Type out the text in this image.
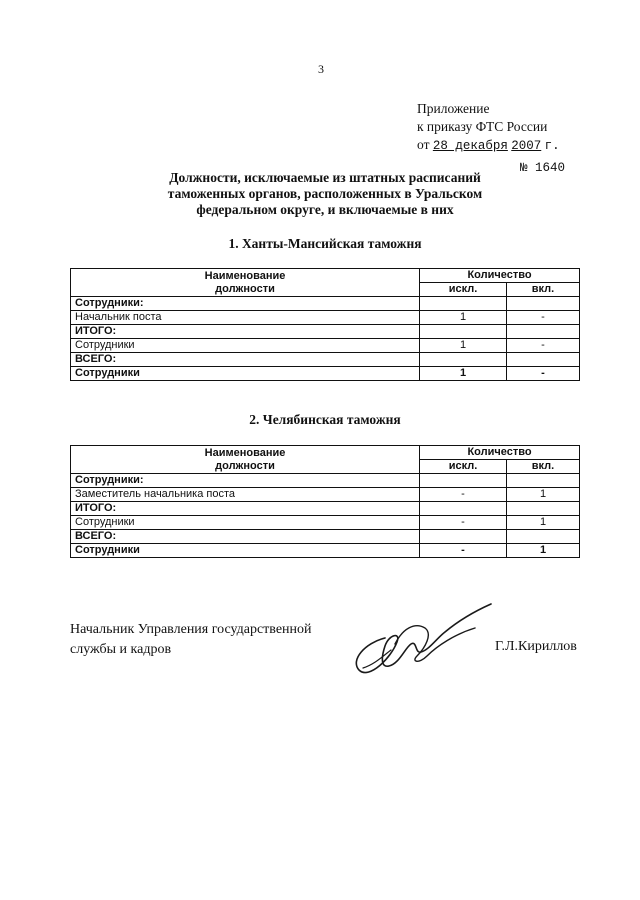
3
Приложение
к приказу ФТС России
от 28 декабря 2007 г.
№ 1640
Должности, исключаемые из штатных расписаний таможенных органов, расположенных в Уральском федеральном округе, и включаемые в них
1. Ханты-Мансийская таможня
Наименование
должности	Количество	
	искл.	вкл.
Сотрудники:		
Начальник поста	1	-
ИТОГО:		
Сотрудники	1	-
ВСЕГО:		
Сотрудники	1	-
2. Челябинская таможня
Наименование
должности	Количество	
	искл.	вкл.
Сотрудники:		
Заместитель начальника поста	-	1
ИТОГО:		
Сотрудники	-	1
ВСЕГО:		
Сотрудники	-	1
Начальник Управления государственной
службы и кадров	Г.Л.Кириллов
